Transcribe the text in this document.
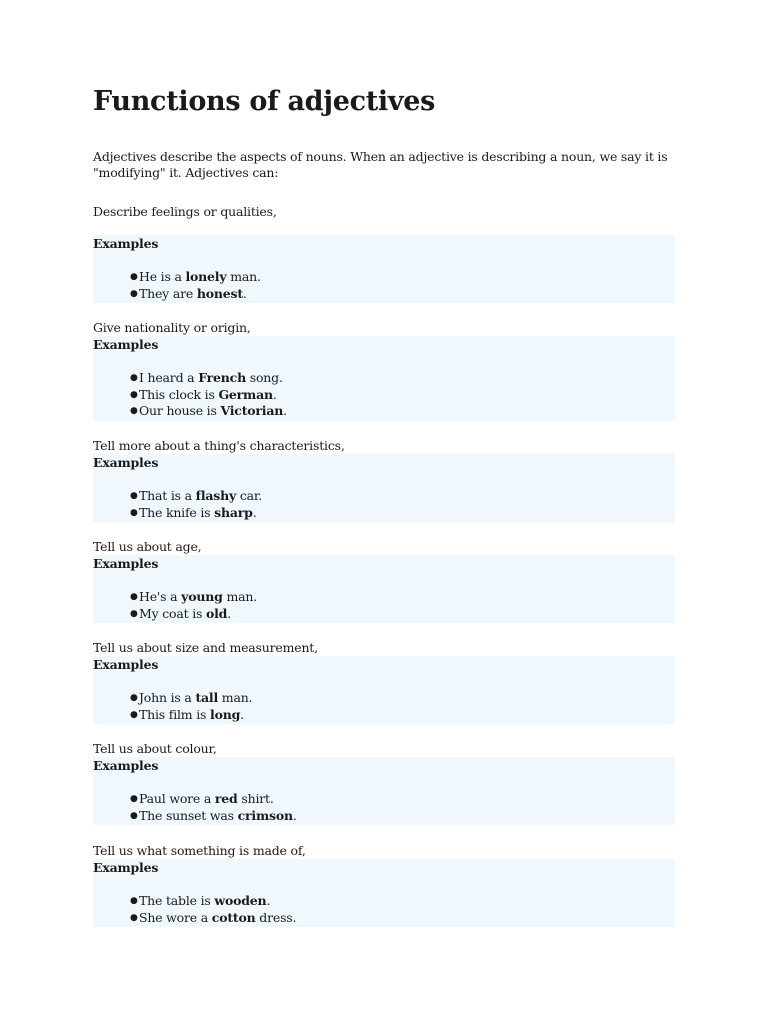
Functions of adjectives

Adjectives describe the aspects of nouns. When an adjective is describing a noun, we say it is "modifying" it. Adjectives can:

Describe feelings or qualities,
Examples
● He is a lonely man.
● They are honest.
Give nationality or origin,
Examples
● I heard a French song.
● This clock is German.
● Our house is Victorian.
Tell more about a thing's characteristics,
Examples
● That is a flashy car.
● The knife is sharp.
Tell us about age,
Examples
● He's a young man.
● My coat is old.
Tell us about size and measurement,
Examples
● John is a tall man.
● This film is long.
Tell us about colour,
Examples
● Paul wore a red shirt.
● The sunset was crimson.
Tell us what something is made of,
Examples
● The table is wooden.
● She wore a cotton dress.
